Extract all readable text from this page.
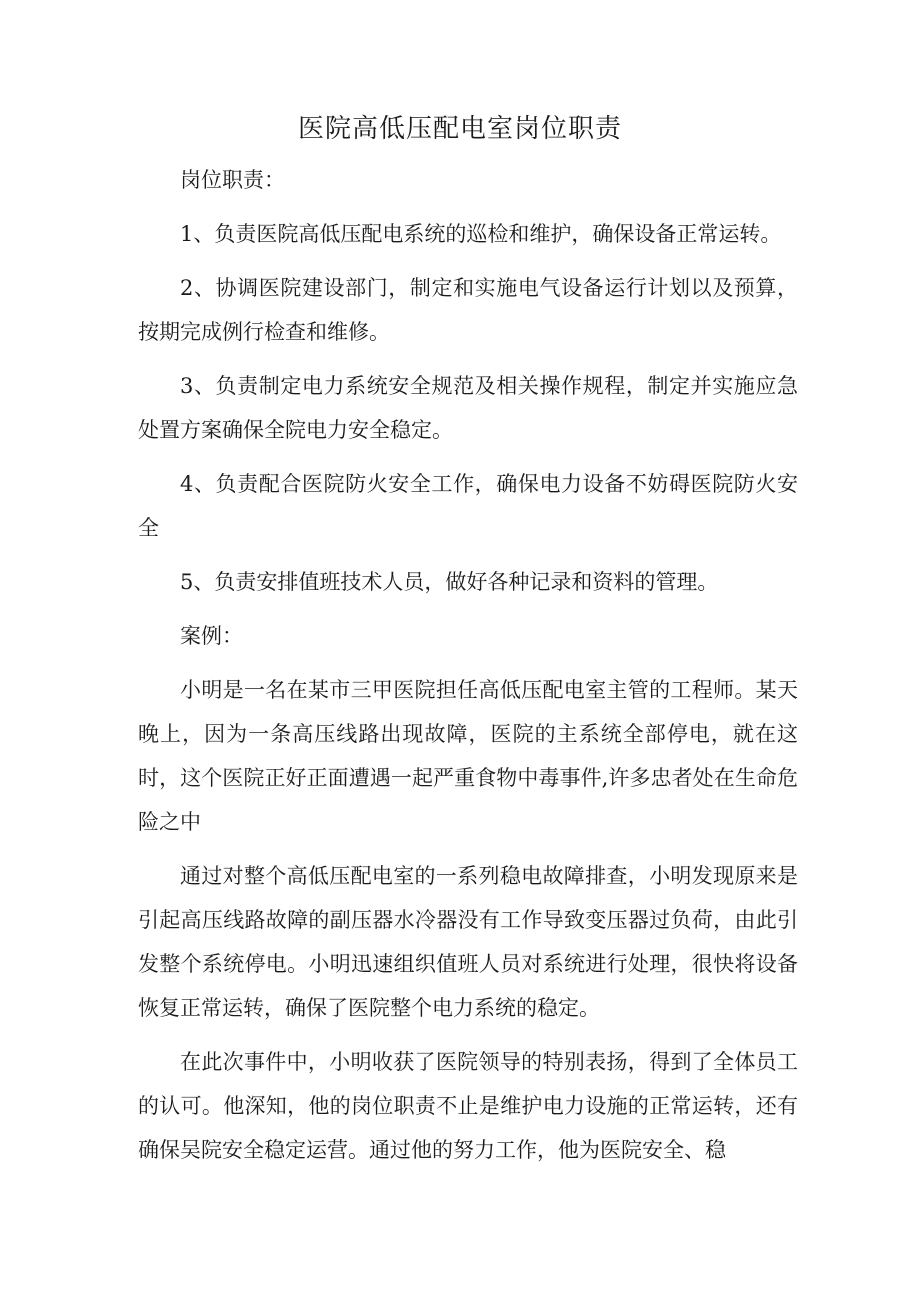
医院高低压配电室岗位职责

岗位职责：

1、负责医院高低压配电系统的巡检和维护，确保设备正常运转。

2、协调医院建设部门，制定和实施电气设备运行计划以及预算，按期完成例行检查和维修。

3、负责制定电力系统安全规范及相关操作规程，制定并实施应急处置方案确保全院电力安全稳定。

4、负责配合医院防火安全工作，确保电力设备不妨碍医院防火安全

5、负责安排值班技术人员，做好各种记录和资料的管理。

案例：

小明是一名在某市三甲医院担任高低压配电室主管的工程师。某天晚上，因为一条高压线路出现故障，医院的主系统全部停电，就在这时，这个医院正好正面遭遇一起严重食物中毒事件,许多忠者处在生命危险之中

通过对整个高低压配电室的一系列稳电故障排查，小明发现原来是引起高压线路故障的副压器水冷器没有工作导致变压器过负荷，由此引发整个系统停电。小明迅速组织值班人员对系统进行处理，很快将设备恢复正常运转，确保了医院整个电力系统的稳定。

在此次事件中，小明收获了医院领导的特别表扬，得到了全体员工的认可。他深知，他的岗位职责不止是维护电力设施的正常运转，还有确保吴院安全稳定运营。通过他的努力工作，他为医院安全、稳
